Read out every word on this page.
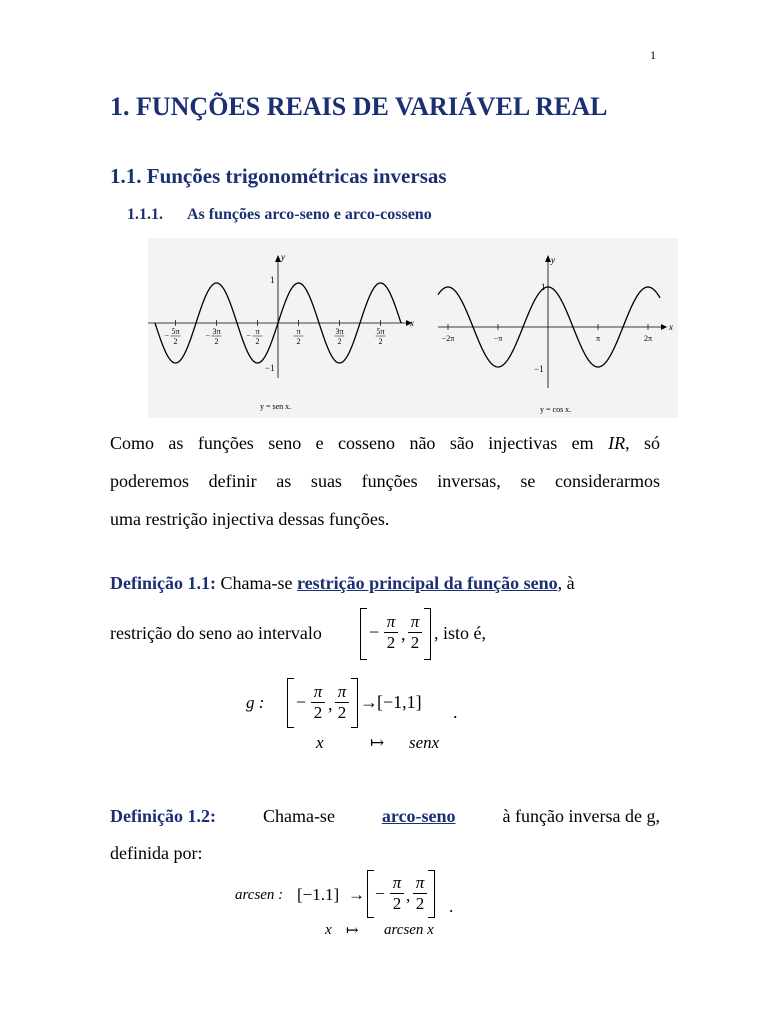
1
1. FUNÇÕES REAIS DE VARIÁVEL REAL
1.1. Funções trigonométricas inversas
1.1.1. As funções arco-seno e arco-cosseno
x
y
1
−1
− 5π
2
− 3π
2
− π
2
π
2
3π
2
5π
2
y = sen x.
x
y
1
−1
−2π	−π	π	2π
y = cos x.
Como as funções seno e cosseno não são injectivas em IR, só
poderemos definir as suas funções inversas, se considerarmos
uma restrição injectiva dessas funções.
Definição 1.1: Chama-se restrição principal da função seno, à
restrição do seno ao intervalo	−
π
2 ,
π
2 , isto é,
g : −
π
2 ,
π
2
→ [−1,1] .
x	↦ senx
Definição 1.2:	Chama-se	arco-seno	à função inversa de g,
definida por:
arcsen : [−1.1] → −
π
2 ,
π
2 .
x ↦ arcsen x
